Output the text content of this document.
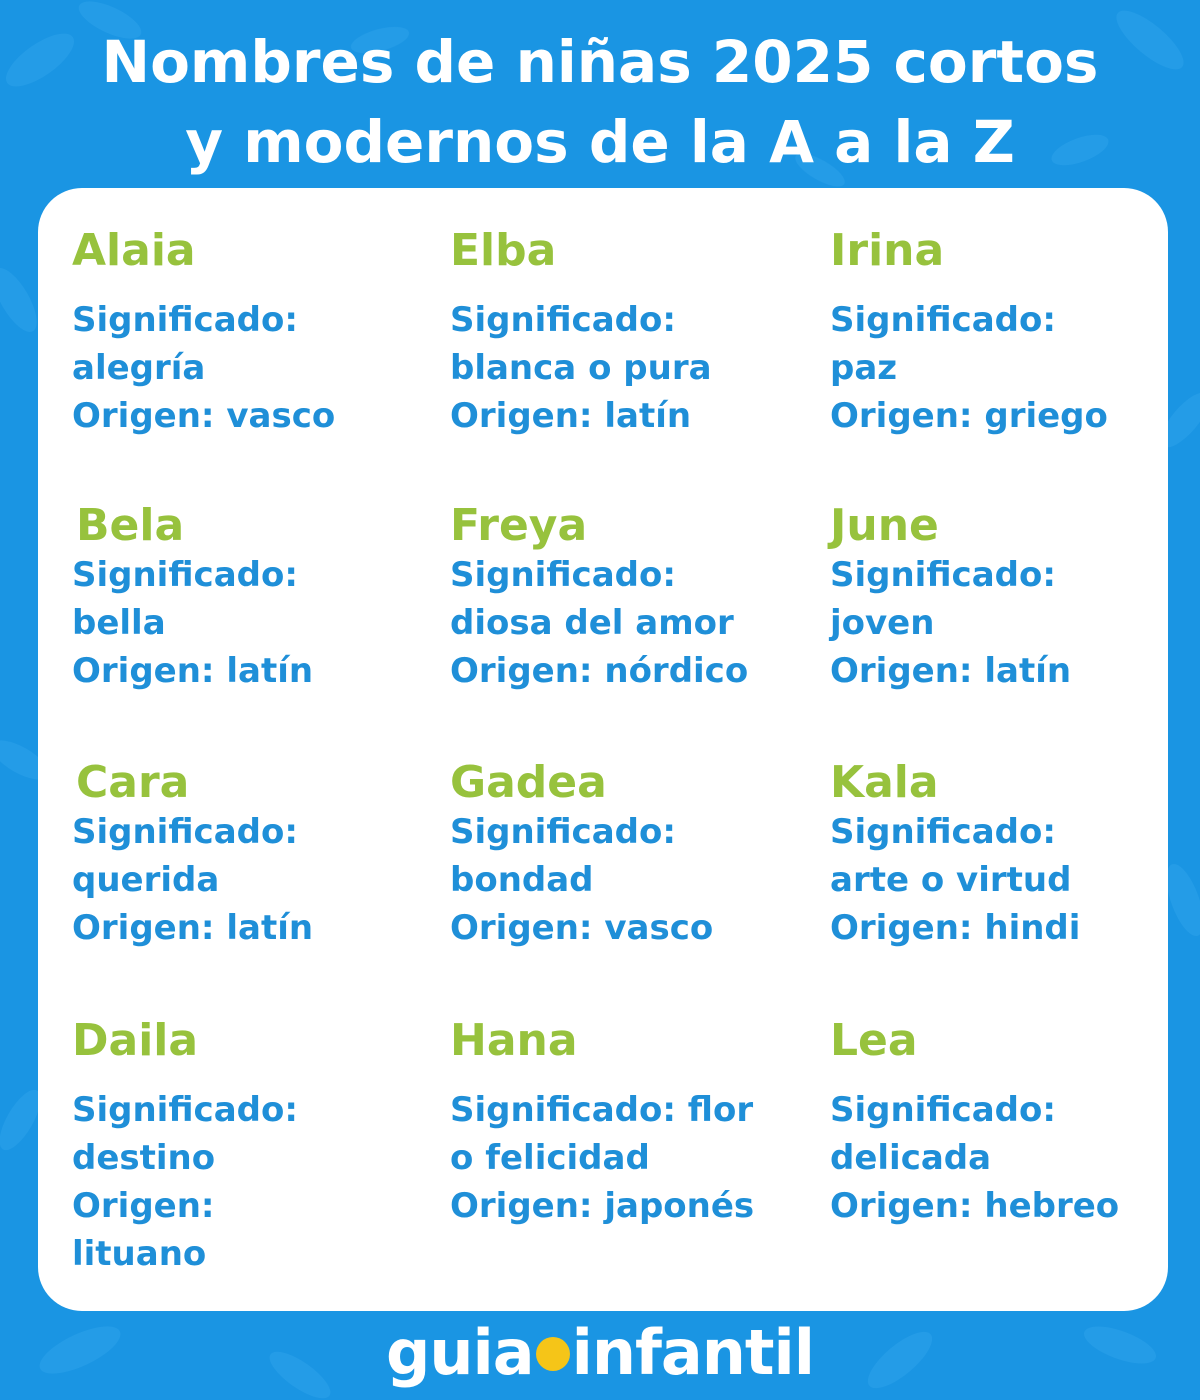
Nombres de niñas 2025 cortos
y modernos de la A a la Z
Alaia
Significado:
alegría
Origen: vasco
Bela
Significado:
bella
Origen: latín
Cara
Significado:
querida
Origen: latín
Daila
Significado:
destino
Origen:
lituano
Elba
Significado:
blanca o pura
Origen: latín
Freya
Significado:
diosa del amor
Origen: nórdico
Gadea
Significado:
bondad
Origen: vasco
Hana
Significado: flor
o felicidad
Origen: japonés
Irina
Significado:
paz
Origen: griego
June
Significado:
joven
Origen: latín
Kala
Significado:
arte o virtud
Origen: hindi
Lea
Significado:
delicada
Origen: hebreo
guia infantil
